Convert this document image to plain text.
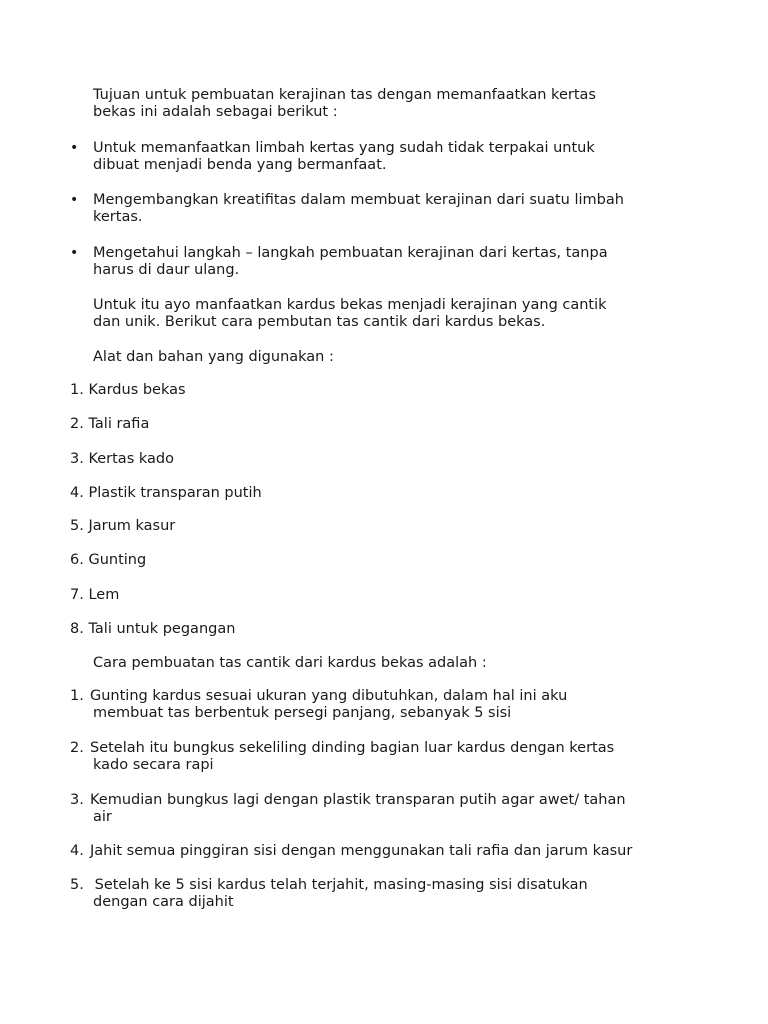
Tujuan untuk pembuatan kerajinan tas dengan memanfaatkan kertas
bekas ini adalah sebagai berikut :
• Untuk memanfaatkan limbah kertas yang sudah tidak terpakai untuk
dibuat menjadi benda yang bermanfaat.
• Mengembangkan kreatifitas dalam membuat kerajinan dari suatu limbah
kertas.
• Mengetahui langkah – langkah pembuatan kerajinan dari kertas, tanpa
harus di daur ulang.
Untuk itu ayo manfaatkan kardus bekas menjadi kerajinan yang cantik
dan unik. Berikut cara pembutan tas cantik dari kardus bekas.
Alat dan bahan yang digunakan :
1. Kardus bekas
2. Tali rafia
3. Kertas kado
4. Plastik transparan putih
5. Jarum kasur
6. Gunting
7. Lem
8. Tali untuk pegangan
Cara pembuatan tas cantik dari kardus bekas adalah :
1. Gunting kardus sesuai ukuran yang dibutuhkan, dalam hal ini aku
membuat tas berbentuk persegi panjang, sebanyak 5 sisi
2. Setelah itu bungkus sekeliling dinding bagian luar kardus dengan kertas
kado secara rapi
3. Kemudian bungkus lagi dengan plastik transparan putih agar awet/ tahan
air
4. Jahit semua pinggiran sisi dengan menggunakan tali rafia dan jarum kasur
5. Setelah ke 5 sisi kardus telah terjahit, masing-masing sisi disatukan
dengan cara dijahit
